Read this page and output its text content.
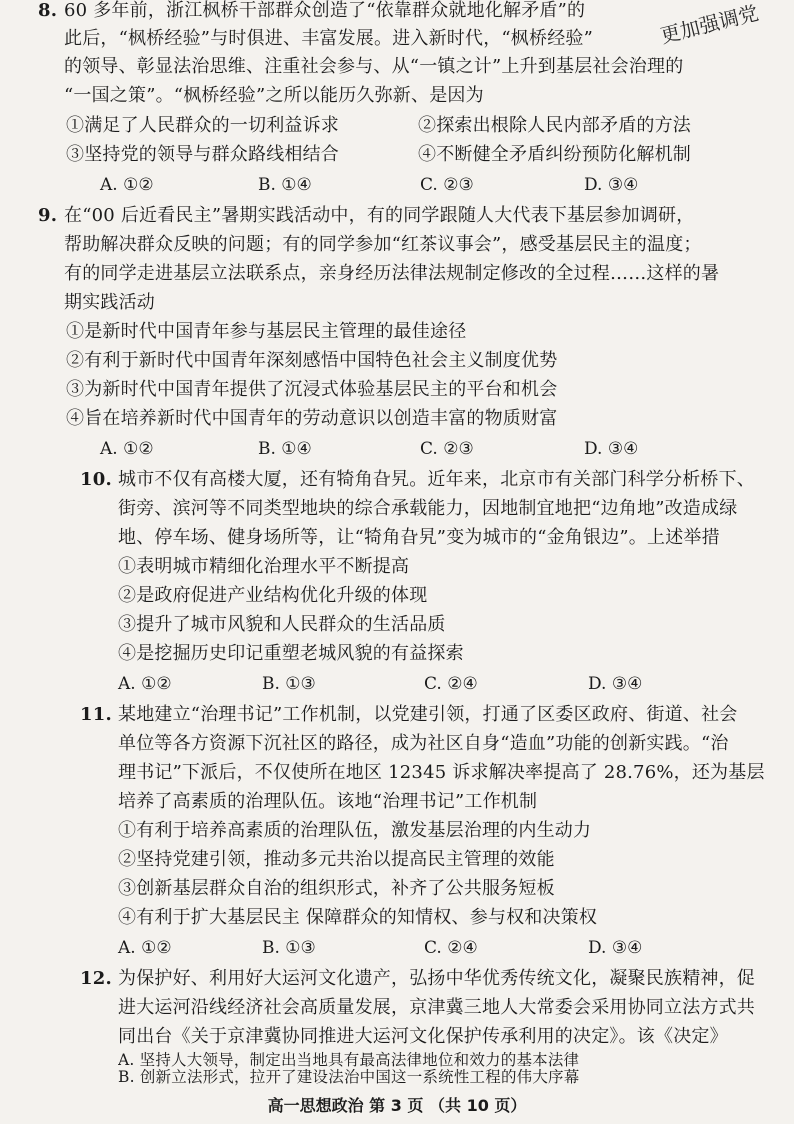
8. 60 多年前，浙江枫桥干部群众创造了“依靠群众就地化解矛盾”的
此后，“枫桥经验”与时俱进、丰富发展。进入新时代，“枫桥经验”
的领导、彰显法治思维、注重社会参与、从“一镇之计”上升到基层社会治理的
“一国之策”。“枫桥经验”之所以能历久弥新、是因为
更加强调党
①满足了人民群众的一切利益诉求	②探索出根除人民内部矛盾的方法
③坚持党的领导与群众路线相结合	④不断健全矛盾纠纷预防化解机制
A. ①②	B. ①④	C. ②③	D. ③④
9. 在“00 后近看民主”暑期实践活动中，有的同学跟随人大代表下基层参加调研，
帮助解决群众反映的问题；有的同学参加“红茶议事会”，感受基层民主的温度；
有的同学走进基层立法联系点，亲身经历法律法规制定修改的全过程……这样的暑
期实践活动
①是新时代中国青年参与基层民主管理的最佳途径
②有利于新时代中国青年深刻感悟中国特色社会主义制度优势
③为新时代中国青年提供了沉浸式体验基层民主的平台和机会
④旨在培养新时代中国青年的劳动意识以创造丰富的物质财富
A. ①②	B. ①④	C. ②③	D. ③④
10. 城市不仅有高楼大厦，还有犄角旮旯。近年来，北京市有关部门科学分析桥下、
街旁、滨河等不同类型地块的综合承载能力，因地制宜地把“边角地”改造成绿
地、停车场、健身场所等，让“犄角旮旯”变为城市的“金角银边”。上述举措
①表明城市精细化治理水平不断提高
②是政府促进产业结构优化升级的体现
③提升了城市风貌和人民群众的生活品质
④是挖掘历史印记重塑老城风貌的有益探索
A. ①②	B. ①③	C. ②④	D. ③④
11. 某地建立“治理书记”工作机制，以党建引领，打通了区委区政府、街道、社会
单位等各方资源下沉社区的路径，成为社区自身“造血”功能的创新实践。“治
理书记”下派后，不仅使所在地区 12345 诉求解决率提高了 28.76%，还为基层
培养了高素质的治理队伍。该地“治理书记”工作机制
①有利于培养高素质的治理队伍，激发基层治理的内生动力
②坚持党建引领，推动多元共治以提高民主管理的效能
③创新基层群众自治的组织形式，补齐了公共服务短板
④有利于扩大基层民主 保障群众的知情权、参与权和决策权
A. ①②	B. ①③	C. ②④	D. ③④
12. 为保护好、利用好大运河文化遗产，弘扬中华优秀传统文化，凝聚民族精神，促
进大运河沿线经济社会高质量发展，京津冀三地人大常委会采用协同立法方式共
同出台《关于京津冀协同推进大运河文化保护传承利用的决定》。该《决定》
A. 坚持人大领导，制定出当地具有最高法律地位和效力的基本法律
B. 创新立法形式，拉开了建设法治中国这一系统性工程的伟大序幕
高一思想政治 第 3 页 （共 10 页）
